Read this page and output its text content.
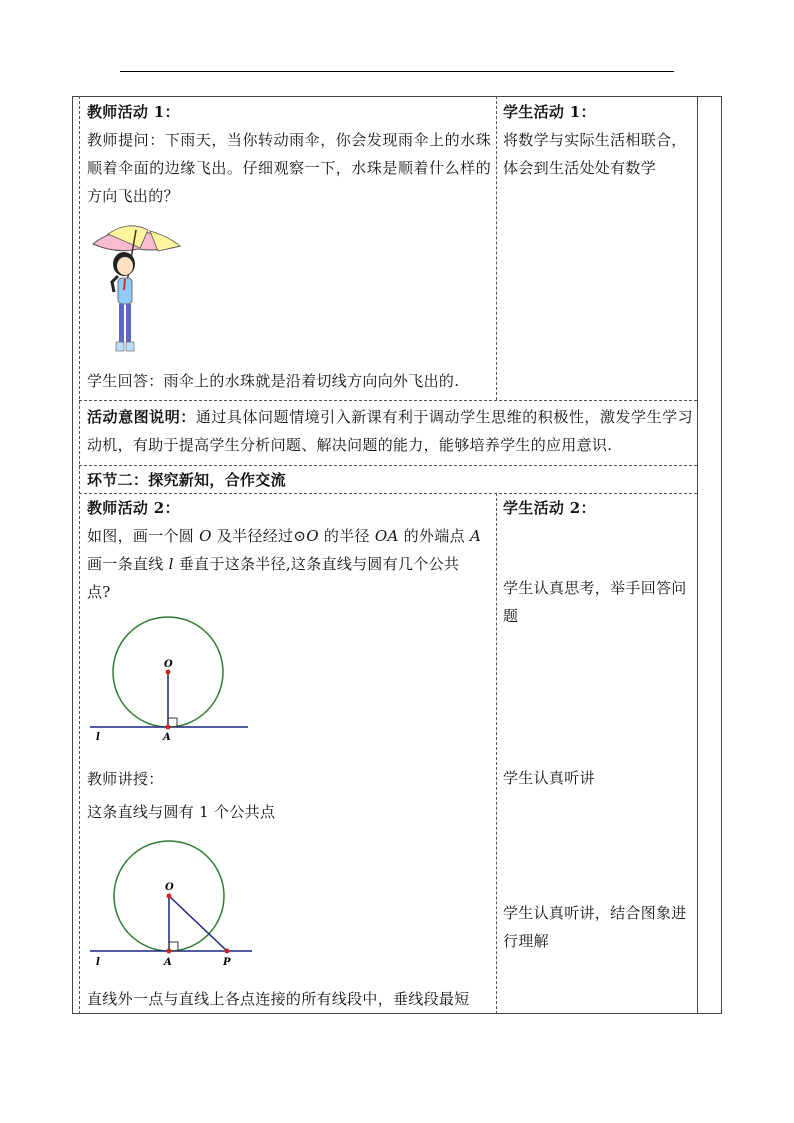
教师活动 1：
教师提问：下雨天，当你转动雨伞，你会发现雨伞上的水珠顺着伞面的边缘飞出。仔细观察一下，水珠是顺着什么样的方向飞出的？
学生回答：雨伞上的水珠就是沿着切线方向向外飞出的.
学生活动 1：
将数学与实际生活相联合，体会到生活处处有数学
活动意图说明：通过具体问题情境引入新课有利于调动学生思维的积极性，激发学生学习动机，有助于提高学生分析问题、解决问题的能力，能够培养学生的应用意识.
环节二：探究新知，合作交流
教师活动 2：
如图，画一个圆 O 及半径经过⊙O 的半径 OA 的外端点 A
画一条直线 l 垂直于这条半径,这条直线与圆有几个公共
点?
O
A
l
教师讲授：
这条直线与圆有 1 个公共点
O
A	P
l
直线外一点与直线上各点连接的所有线段中，垂线段最短
学生活动 2：
学生认真思考，举手回答问题
学生认真听讲
学生认真听讲，结合图象进行理解
